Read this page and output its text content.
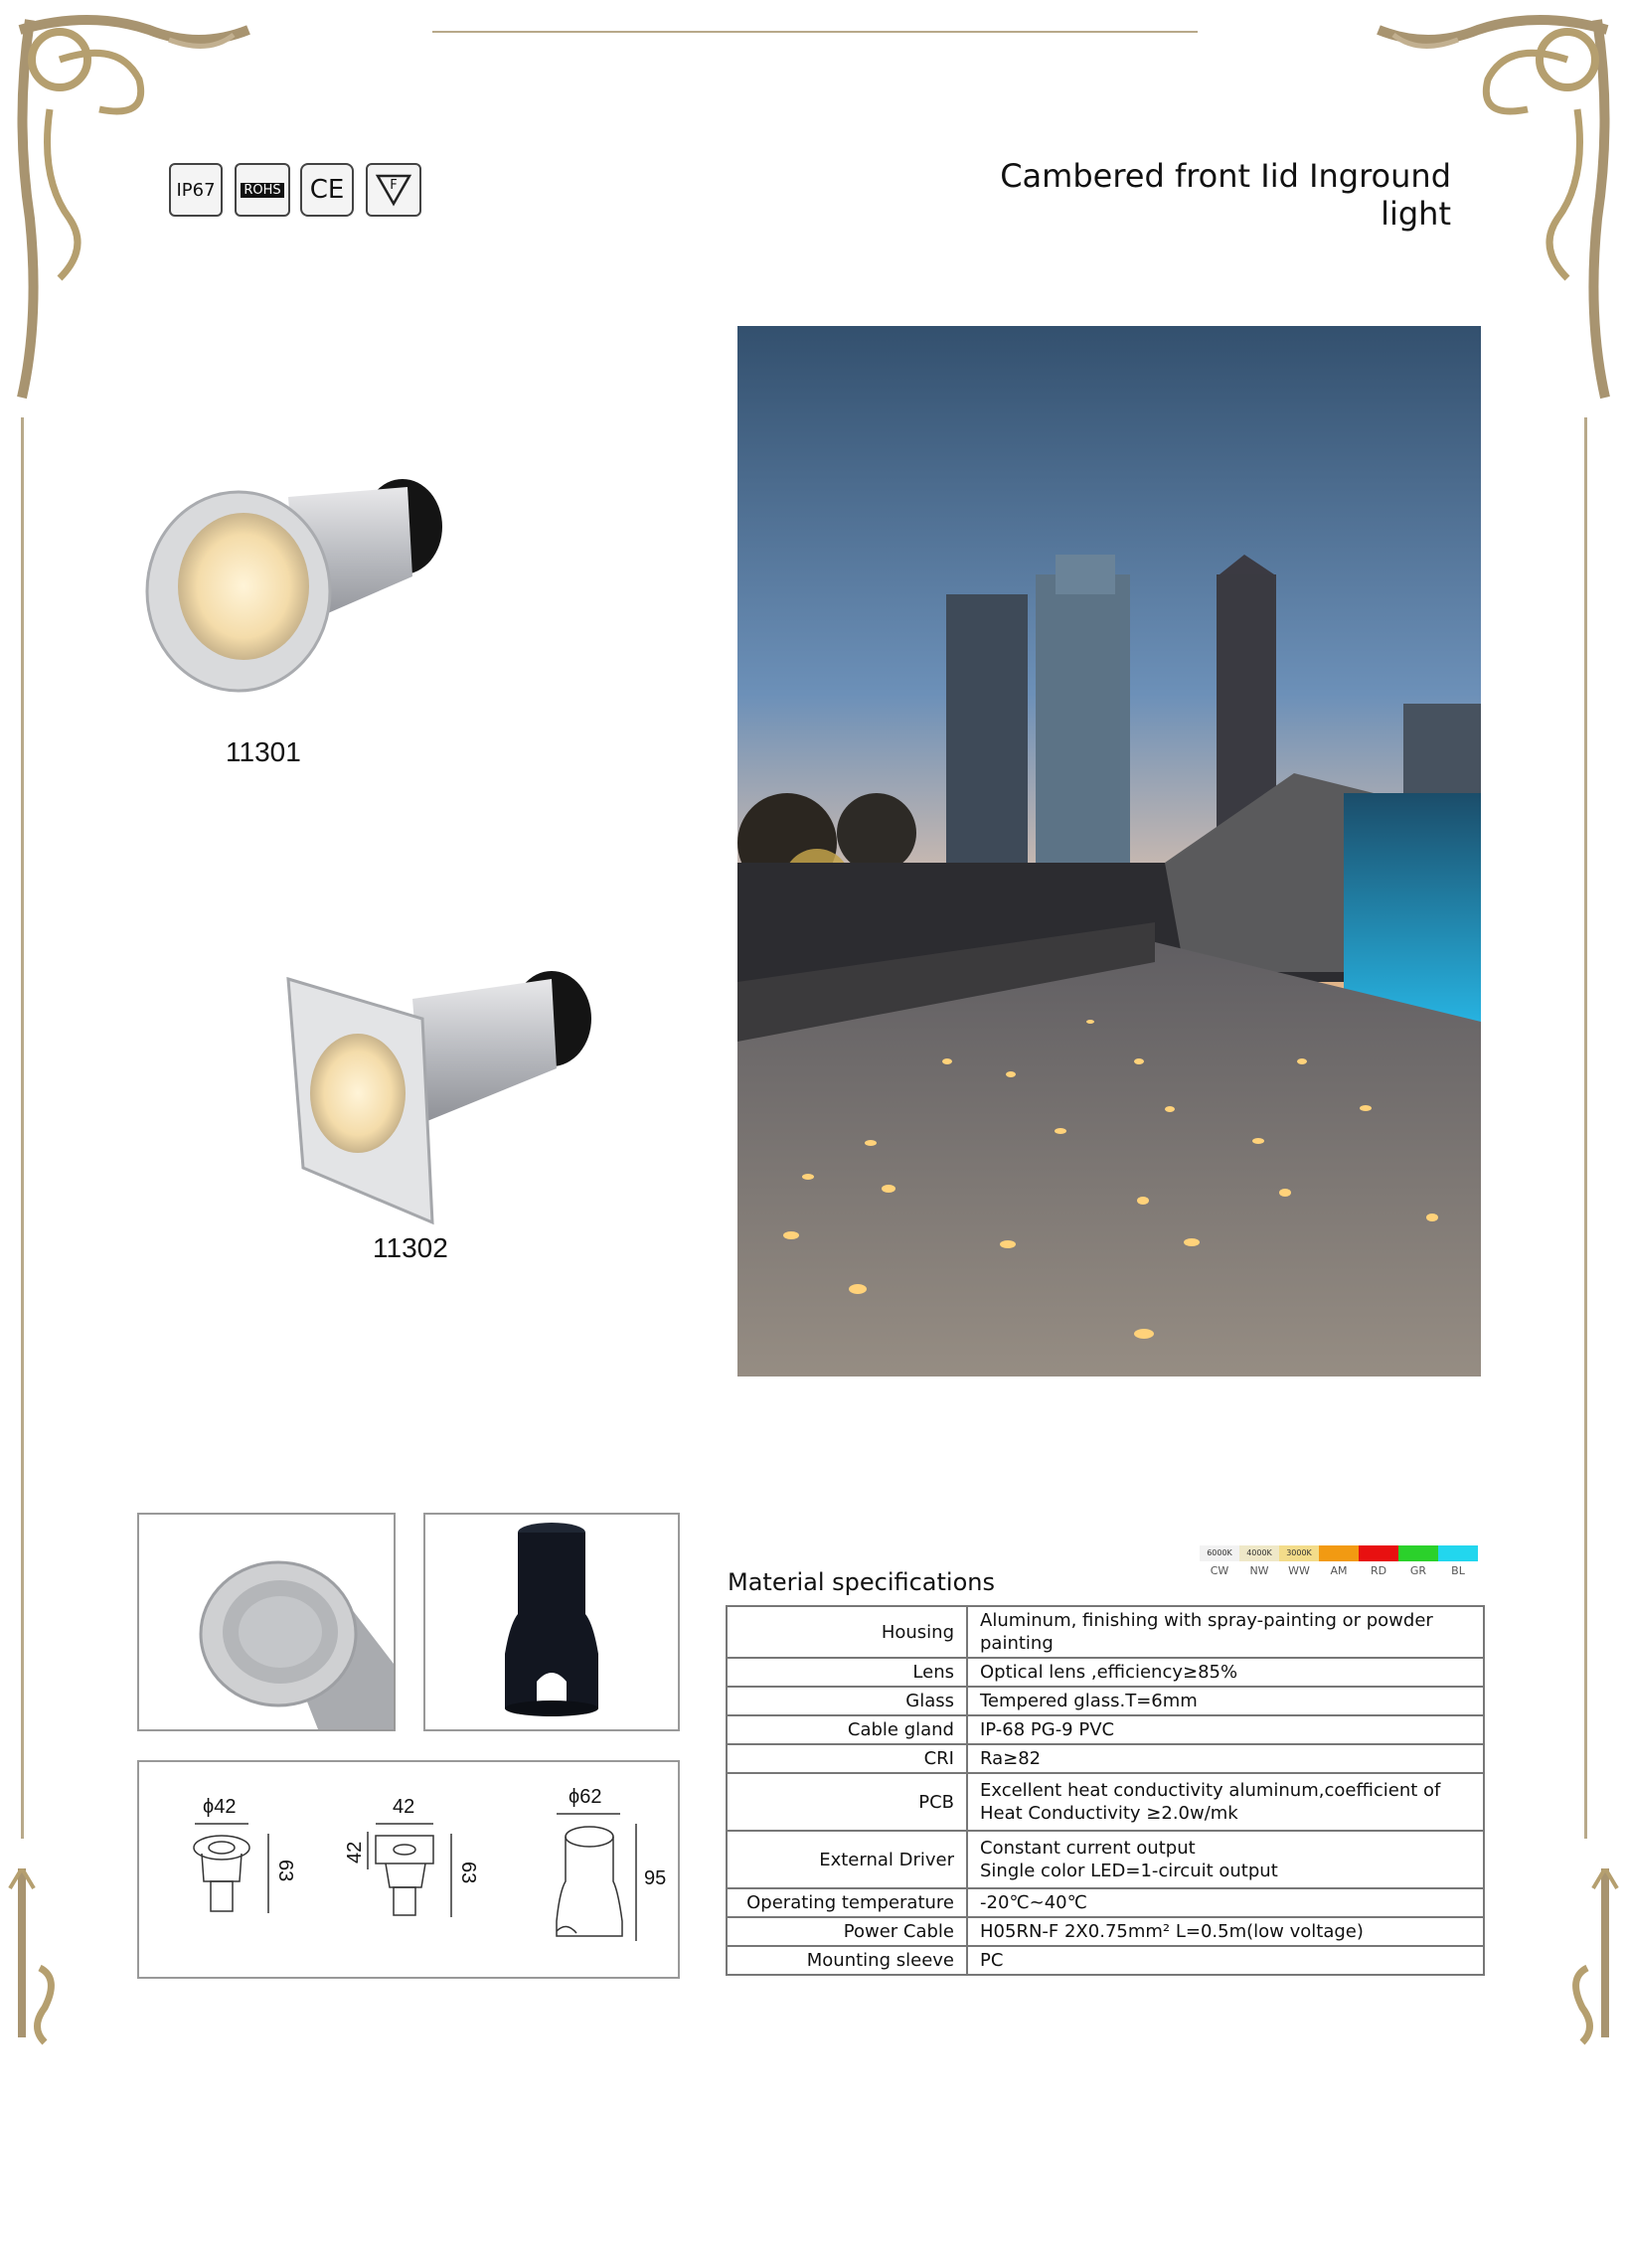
IP67 ROHS CE	F	Cambered front Iid Inground light
11301
11302
ϕ42
63
42
42
63
ϕ62
95
6000K
CW
4000K
NW
3000K
WW	AM	RD	GR	BL
Material specifications
Housing	Aluminum, finishing with spray-painting or powder painting
Lens	Optical lens ,efficiency≥85%
Glass	Tempered glass.T=6mm
Cable gland	IP-68 PG-9 PVC
CRI	Ra≥82
PCB	Excellent heat conductivity aluminum,coefficient of
Heat Conductivity ≥2.0w/mk

External Driver	Constant current output
Single color LED=1-circuit output

Operating temperature	-20℃~40℃
Power Cable	H05RN-F 2X0.75mm² L=0.5m(low voltage)
Mounting sleeve	PC
